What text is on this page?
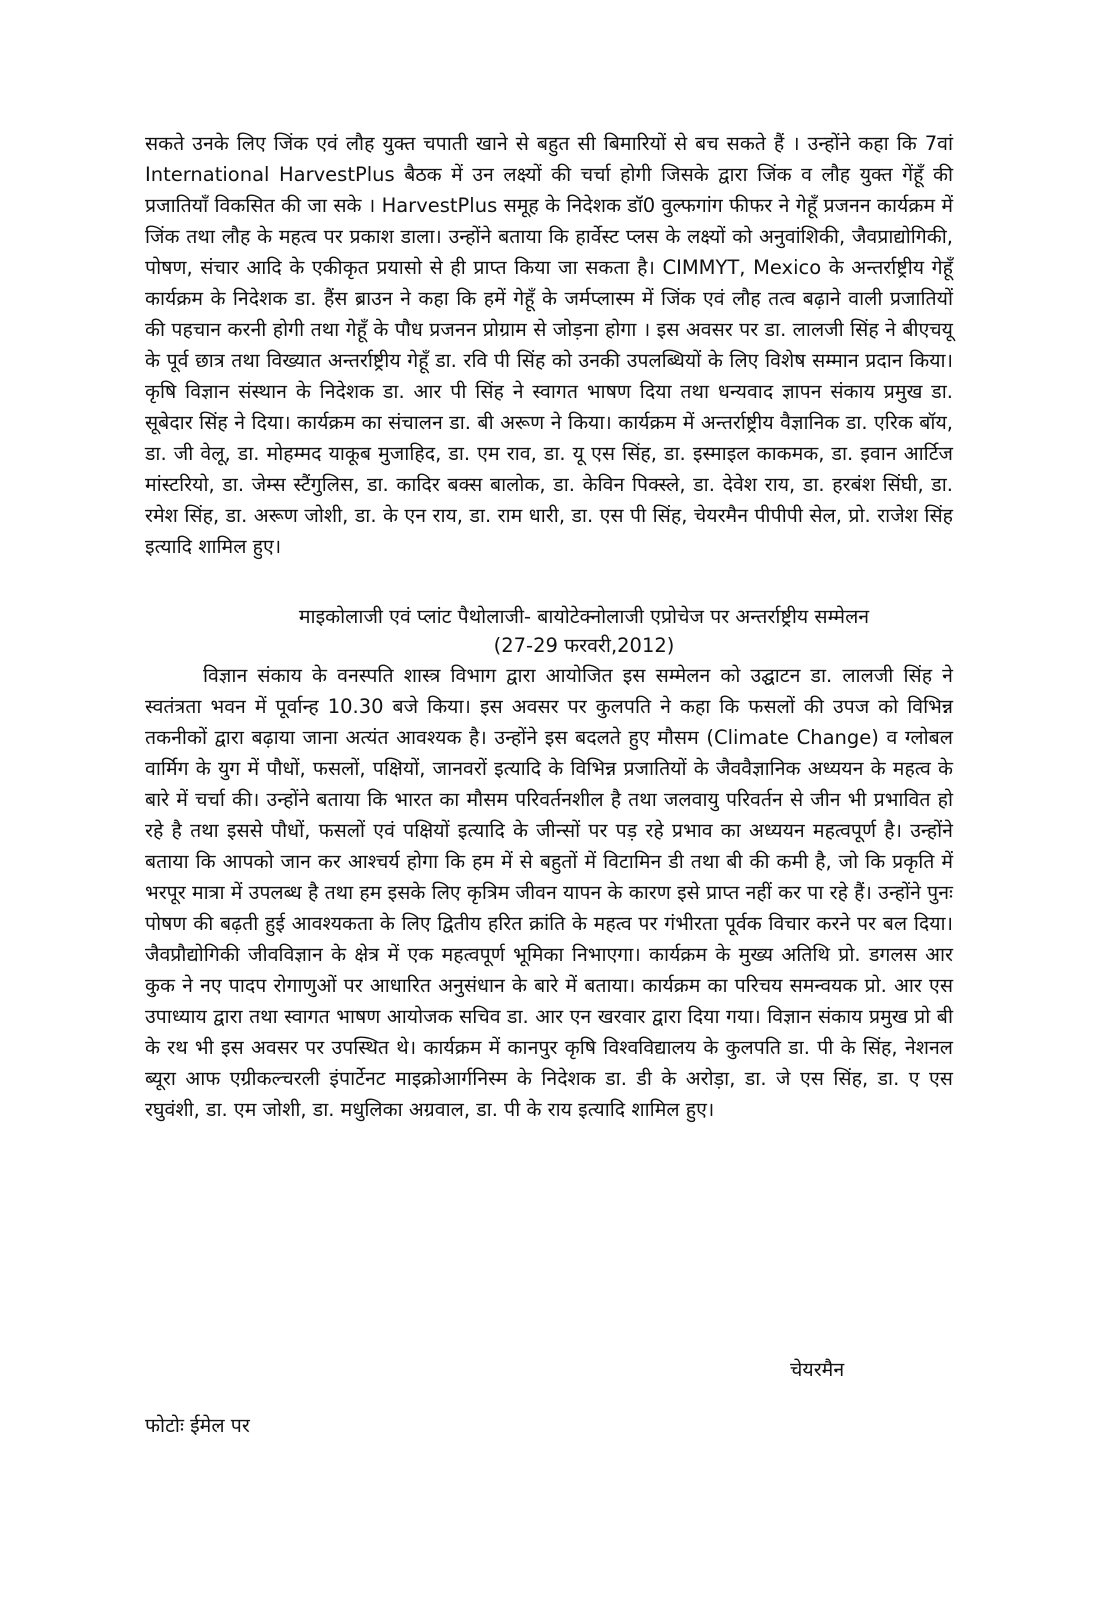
सकते उनके लिए जिंक एवं लौह युक्त चपाती खाने से बहुत सी बिमारियों से बच सकते हैं । उन्होंने कहा कि 7वां International HarvestPlus बैठक में उन लक्ष्यों की चर्चा होगी जिसके द्वारा जिंक व लौह युक्त गेंहूँ की प्रजातियाँ विकसित की जा सके । HarvestPlus समूह के निदेशक डॉ0 वुल्फगांग फीफर ने गेहूँ प्रजनन कार्यक्रम में जिंक तथा लौह के महत्व पर प्रकाश डाला। उन्होंने बताया कि हार्वेस्ट प्लस के लक्ष्यों को अनुवांशिकी, जैवप्राद्योगिकी, पोषण, संचार आदि के एकीकृत प्रयासो से ही प्राप्त किया जा सकता है। CIMMYT, Mexico के अन्तर्राष्ट्रीय गेहूँ कार्यक्रम के निदेशक डा. हैंस ब्राउन ने कहा कि हमें गेहूँ के जर्मप्लास्म में जिंक एवं लौह तत्व बढ़ाने वाली प्रजातियों की पहचान करनी होगी तथा गेहूँ के पौध प्रजनन प्रोग्राम से जोड़ना होगा । इस अवसर पर डा. लालजी सिंह ने बीएचयू के पूर्व छात्र तथा विख्यात अन्तर्राष्ट्रीय गेहूँ डा. रवि पी सिंह को उनकी उपलब्धियों के लिए विशेष सम्मान प्रदान किया। कृषि विज्ञान संस्थान के निदेशक डा. आर पी सिंह ने स्वागत भाषण दिया तथा धन्यवाद ज्ञापन संकाय प्रमुख डा. सूबेदार सिंह ने दिया। कार्यक्रम का संचालन डा. बी अरूण ने किया। कार्यक्रम में अन्तर्राष्ट्रीय वैज्ञानिक डा. एरिक बॉय, डा. जी वेलू, डा. मोहम्मद याकूब मुजाहिद, डा. एम राव, डा. यू एस सिंह, डा. इस्माइल काकमक, डा. इवान आर्टिज मांस्टरियो, डा. जेम्स स्टैंगुलिस, डा. कादिर बक्स बालोक, डा. केविन पिक्स्ले, डा. देवेश राय, डा. हरबंश सिंघी, डा. रमेश सिंह, डा. अरूण जोशी, डा. के एन राय, डा. राम धारी, डा. एस पी सिंह, चेयरमैन पीपीपी सेल, प्रो. राजेश सिंह इत्यादि शामिल हुए।

माइकोलाजी एवं प्लांट पैथोलाजी- बायोटेक्नोलाजी एप्रोचेज पर अन्तर्राष्ट्रीय सम्मेलन
(27-29 फरवरी,2012)

विज्ञान संकाय के वनस्पति शास्त्र विभाग द्वारा आयोजित इस सम्मेलन को उद्घाटन डा. लालजी सिंह ने स्वतंत्रता भवन में पूर्वान्ह 10.30 बजे किया। इस अवसर पर कुलपति ने कहा कि फसलों की उपज को विभिन्न तकनीकों द्वारा बढ़ाया जाना अत्यंत आवश्यक है। उन्होंने इस बदलते हुए मौसम (Climate Change) व ग्लोबल वार्मिग के युग में पौधों, फसलों, पक्षियों, जानवरों इत्यादि के विभिन्न प्रजातियों के जैववैज्ञानिक अध्ययन के महत्व के बारे में चर्चा की। उन्होंने बताया कि भारत का मौसम परिवर्तनशील है तथा जलवायु परिवर्तन से जीन भी प्रभावित हो रहे है तथा इससे पौधों, फसलों एवं पक्षियों इत्यादि के जीन्सों पर पड़ रहे प्रभाव का अध्ययन महत्वपूर्ण है। उन्होंने बताया कि आपको जान कर आश्चर्य होगा कि हम में से बहुतों में विटामिन डी तथा बी की कमी है, जो कि प्रकृति में भरपूर मात्रा में उपलब्ध है तथा हम इसके लिए कृत्रिम जीवन यापन के कारण इसे प्राप्त नहीं कर पा रहे हैं। उन्होंने पुनः पोषण की बढ़ती हुई आवश्यकता के लिए द्वितीय हरित क्रांति के महत्व पर गंभीरता पूर्वक विचार करने पर बल दिया। जैवप्रौद्योगिकी जीवविज्ञान के क्षेत्र में एक महत्वपूर्ण भूमिका निभाएगा। कार्यक्रम के मुख्य अतिथि प्रो. डगलस आर कुक ने नए पादप रोगाणुओं पर आधारित अनुसंधान के बारे में बताया। कार्यक्रम का परिचय समन्वयक प्रो. आर एस उपाध्याय द्वारा तथा स्वागत भाषण आयोजक सचिव डा. आर एन खरवार द्वारा दिया गया। विज्ञान संकाय प्रमुख प्रो बी के रथ भी इस अवसर पर उपस्थित थे। कार्यक्रम में कानपुर कृषि विश्वविद्यालय के कुलपति डा. पी के सिंह, नेशनल ब्यूरा आफ एग्रीकल्चरली इंपार्टेनट माइक्रोआर्गनिस्म के निदेशक डा. डी के अरोड़ा, डा. जे एस सिंह, डा. ए एस रघुवंशी, डा. एम जोशी, डा. मधुलिका अग्रवाल, डा. पी के राय इत्यादि शामिल हुए।

चेयरमैन

फोटोः ईमेल पर
